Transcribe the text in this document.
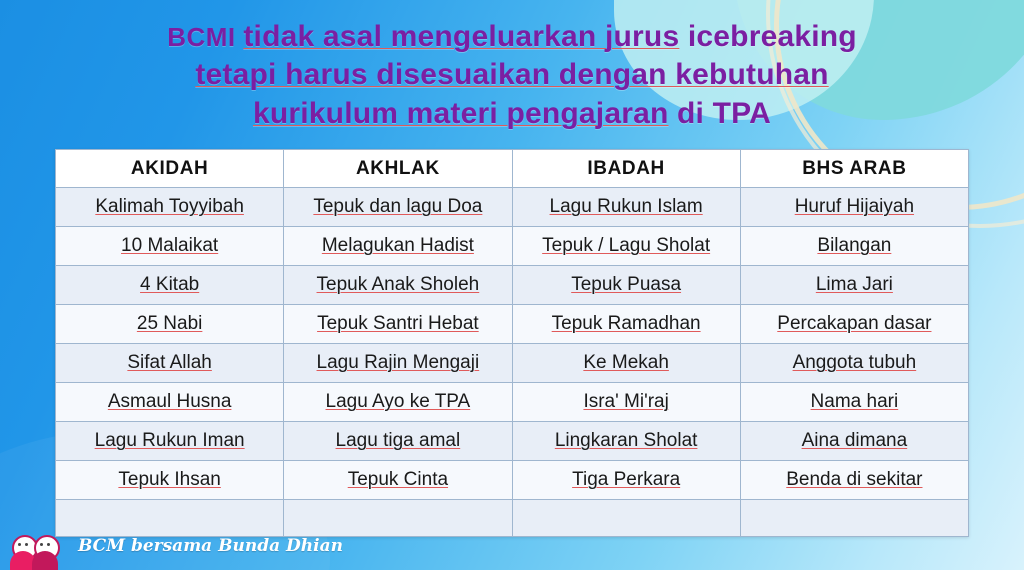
BCMI tidak asal mengeluarkan jurus icebreaking
tetapi harus disesuaikan dengan kebutuhan
kurikulum materi pengajaran di TPA
AKIDAH	AKHLAK	IBADAH	BHS ARAB
Kalimah Toyyibah	Tepuk dan lagu Doa	Lagu Rukun Islam	Huruf Hijaiyah
10 Malaikat	Melagukan Hadist	Tepuk / Lagu Sholat	Bilangan
4 Kitab	Tepuk Anak Sholeh	Tepuk Puasa	Lima Jari
25 Nabi	Tepuk Santri Hebat	Tepuk Ramadhan	Percakapan dasar
Sifat Allah	Lagu Rajin Mengaji	Ke Mekah	Anggota tubuh
Asmaul Husna	Lagu Ayo ke TPA	Isra' Mi'raj	Nama hari
Lagu Rukun Iman	Lagu tiga amal	Lingkaran Sholat	Aina dimana
Tepuk Ihsan	Tepuk Cinta	Tiga Perkara	Benda di sekitar

BCM bersama Bunda Dhian
